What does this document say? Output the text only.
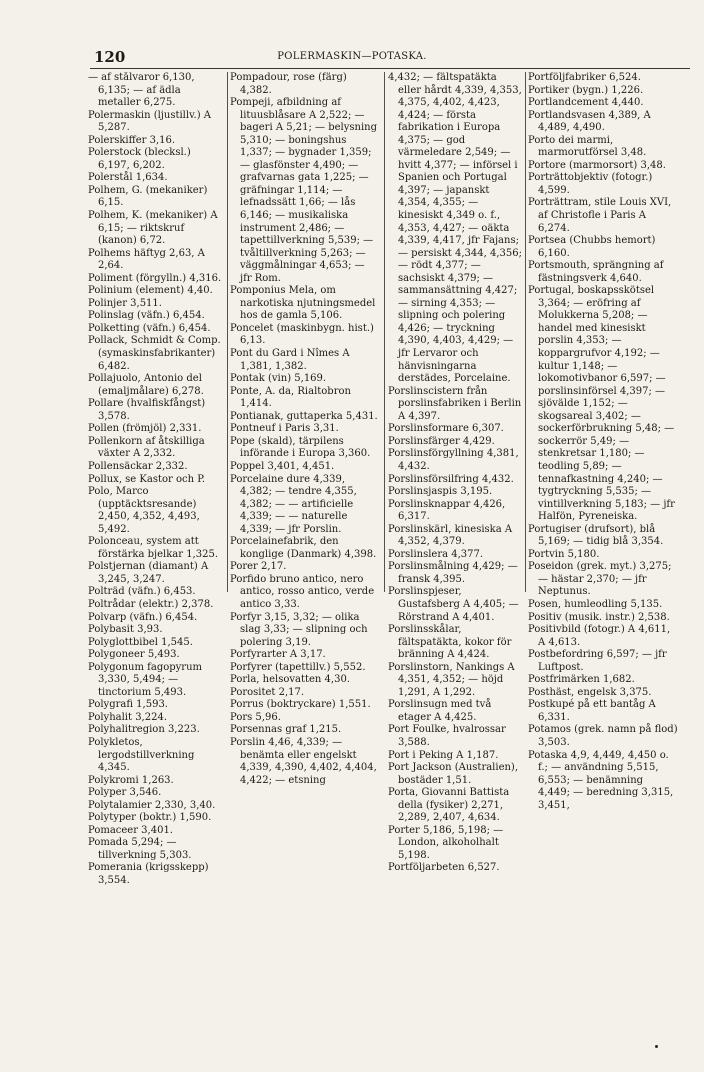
120	POLERMASKIN—POTASKA.

— af stålvaror 6,130, 6,135; — af ädla metaller 6,275.

Polermaskin (ljustillv.) A 5,287.

Polerskiffer 3,16.

Polerstock (blecksl.) 6,197, 6,202.

Polerstål 1,634.

Polhem, G. (mekaniker) 6,15.

Polhem, K. (mekaniker) A 6,15; — riktskruf (kanon) 6,72.

Polhems häftyg 2,63, A 2,64.

Poliment (förgylln.) 4,316.

Polinium (element) 4,40.

Polinjer 3,511.

Polinslag (väfn.) 6,454.

Polketting (väfn.) 6,454.

Pollack, Schmidt & Comp. (symaskinsfabrikanter) 6,482.

Pollajuolo, Antonio del (emaljmålare) 6,278.

Pollare (hvalfiskfångst) 3,578.

Pollen (frömjöl) 2,331.

Pollenkorn af åtskilliga växter A 2,332.

Pollensäckar 2,332.

Pollux, se Kastor och P.

Polo, Marco (upptäcktsresande) 2,450, 4,352, 4,493, 5,492.

Polonceau, system att förstärka bjelkar 1,325.

Polstjernan (diamant) A 3,245, 3,247.

Polträd (väfn.) 6,453.

Poltrådar (elektr.) 2,378.

Polvarp (väfn.) 6,454.

Polybasit 3,93.

Polyglottbibel 1,545.

Polygoneer 5,493.

Polygonum fagopyrum 3,330, 5,494; — tinctorium 5,493.

Polygrafi 1,593.

Polyhalit 3,224.

Polyhalitregion 3,223.

Polykletos, lergodstillverkning 4,345.

Polykromi 1,263.

Polyper 3,546.

Polytalamier 2,330, 3,40.

Polytyper (boktr.) 1,590.

Pomaceer 3,401.

Pomada 5,294; — tillverkning 5,303.

Pomerania (krigsskepp) 3,554.

Pompadour, rose (färg) 4,382.

Pompeji, afbildning af lituusblåsare A 2,522; — bageri A 5,21; — belysning 5,310; — boningshus 1,337; — bygnader 1,359; — glasfönster 4,490; — grafvarnas gata 1,225; — gräfningar 1,114; — lefnadssätt 1,66; — lås 6,146; — musikaliska instrument 2,486; — tapettillverkning 5,539; — tvåltillverkning 5,263; — väggmålningar 4,653; — jfr Rom.

Pomponius Mela, om narkotiska njutningsmedel hos de gamla 5,106.

Poncelet (maskinbygn. hist.) 6,13.

Pont du Gard i Nîmes A 1,381, 1,382.

Pontak (vin) 5,169.

Ponte, A. da, Rialtobron 1,414.

Pontianak, guttaperka 5,431.

Pontneuf i Paris 3,31.

Pope (skald), tärpilens införande i Europa 3,360.

Poppel 3,401, 4,451.

Porcelaine dure 4,339, 4,382; — tendre 4,355, 4,382; — — artificielle 4,339; — — naturelle 4,339; — jfr Porslin.

Porcelainefabrik, den konglige (Danmark) 4,398.

Porer 2,17.

Porfido bruno antico, nero antico, rosso antico, verde antico 3,33.

Porfyr 3,15, 3,32; — olika slag 3,33; — slipning och polering 3,19.

Porfyrarter A 3,17.

Porfyrer (tapettillv.) 5,552.

Porla, helsovatten 4,30.

Porositet 2,17.

Porrus (boktryckare) 1,551.

Pors 5,96.

Porsennas graf 1,215.

Porslin 4,46, 4,339; — benämta eller engelskt 4,339, 4,390, 4,402, 4,404, 4,422; — etsning

4,432; — fältspatäkta eller hårdt 4,339, 4,353, 4,375, 4,402, 4,423, 4,424; — första fabrikation i Europa 4,375; — god värmeledare 2,549; — hvitt 4,377; — införsel i Spanien och Portugal 4,397; — japanskt 4,354, 4,355; — kinesiskt 4,349 o. f., 4,353, 4,427; — oäkta 4,339, 4,417, jfr Fajans; — persiskt 4,344, 4,356; — rödt 4,377; — sachsiskt 4,379; — sammansättning 4,427; — sirning 4,353; — slipning och polering 4,426; — tryckning 4,390, 4,403, 4,429; — jfr Lervaror och hänvisningarna derstädes, Porcelaine.

Porslinscistern från porslinsfabriken i Berlin A 4,397.

Porslinsformare 6,307.

Porslinsfärger 4,429.

Porslinsförgyllning 4,381, 4,432.

Porslinsförsilfring 4,432.

Porslinsjaspis 3,195.

Porslinsknappar 4,426, 6,317.

Porslinskärl, kinesiska A 4,352, 4,379.

Porslinslera 4,377.

Porslinsmålning 4,429; — fransk 4,395.

Porslinspjeser, Gustafsberg A 4,405; — Rörstrand A 4,401.

Porslinsskålar, fältspatäkta, kokor för bränning A 4,424.

Porslinstorn, Nankings A 4,351, 4,352; — höjd 1,291, A 1,292.

Porslinsugn med två etager A 4,425.

Port Foulke, hvalrossar 3,588.

Port i Peking A 1,187.

Port Jackson (Australien), bostäder 1,51.

Porta, Giovanni Battista della (fysiker) 2,271, 2,289, 2,407, 4,634.

Porter 5,186, 5,198; — London, alkoholhalt 5,198.

Portföljarbeten 6,527.

Portföljfabriker 6,524.

Portiker (bygn.) 1,226.

Portlandcement 4,440.

Portlandsvasen 4,389, A 4,489, 4,490.

Porto dei marmi, marmorutförsel 3,48.

Portore (marmorsort) 3,48.

Porträttobjektiv (fotogr.) 4,599.

Porträttram, stile Louis XVI, af Christofle i Paris A 6,274.

Portsea (Chubbs hemort) 6,160.

Portsmouth, sprängning af fästningsverk 4,640.

Portugal, boskapsskötsel 3,364; — eröfring af Molukkerna 5,208; — handel med kinesiskt porslin 4,353; — koppargrufvor 4,192; — kultur 1,148; — lokomotivbanor 6,597; — porslinsinförsel 4,397; — sjövälde 1,152; — skogsareal 3,402; — sockerförbrukning 5,48; — sockerrör 5,49; — stenkretsar 1,180; — teodling 5,89; — tennafkastning 4,240; — tygtryckning 5,535; — vintillverkning 5,183; — jfr Halfön, Pyreneiska.

Portugiser (drufsort), blå 5,169; — tidig blå 3,354.

Portvin 5,180.

Poseidon (grek. myt.) 3,275; — hästar 2,370; — jfr Neptunus.

Posen, humleodling 5,135.

Positiv (musik. instr.) 2,538.

Positivbild (fotogr.) A 4,611, A 4,613.

Postbefordring 6,597; — jfr Luftpost.

Postfrimärken 1,682.

Posthäst, engelsk 3,375.

Postkupé på ett bantåg A 6,331.

Potamos (grek. namn på flod) 3,503.

Potaska 4,9, 4,449, 4,450 o. f.; — användning 5,515, 6,553; — benämning 4,449; — beredning 3,315, 3,451,
